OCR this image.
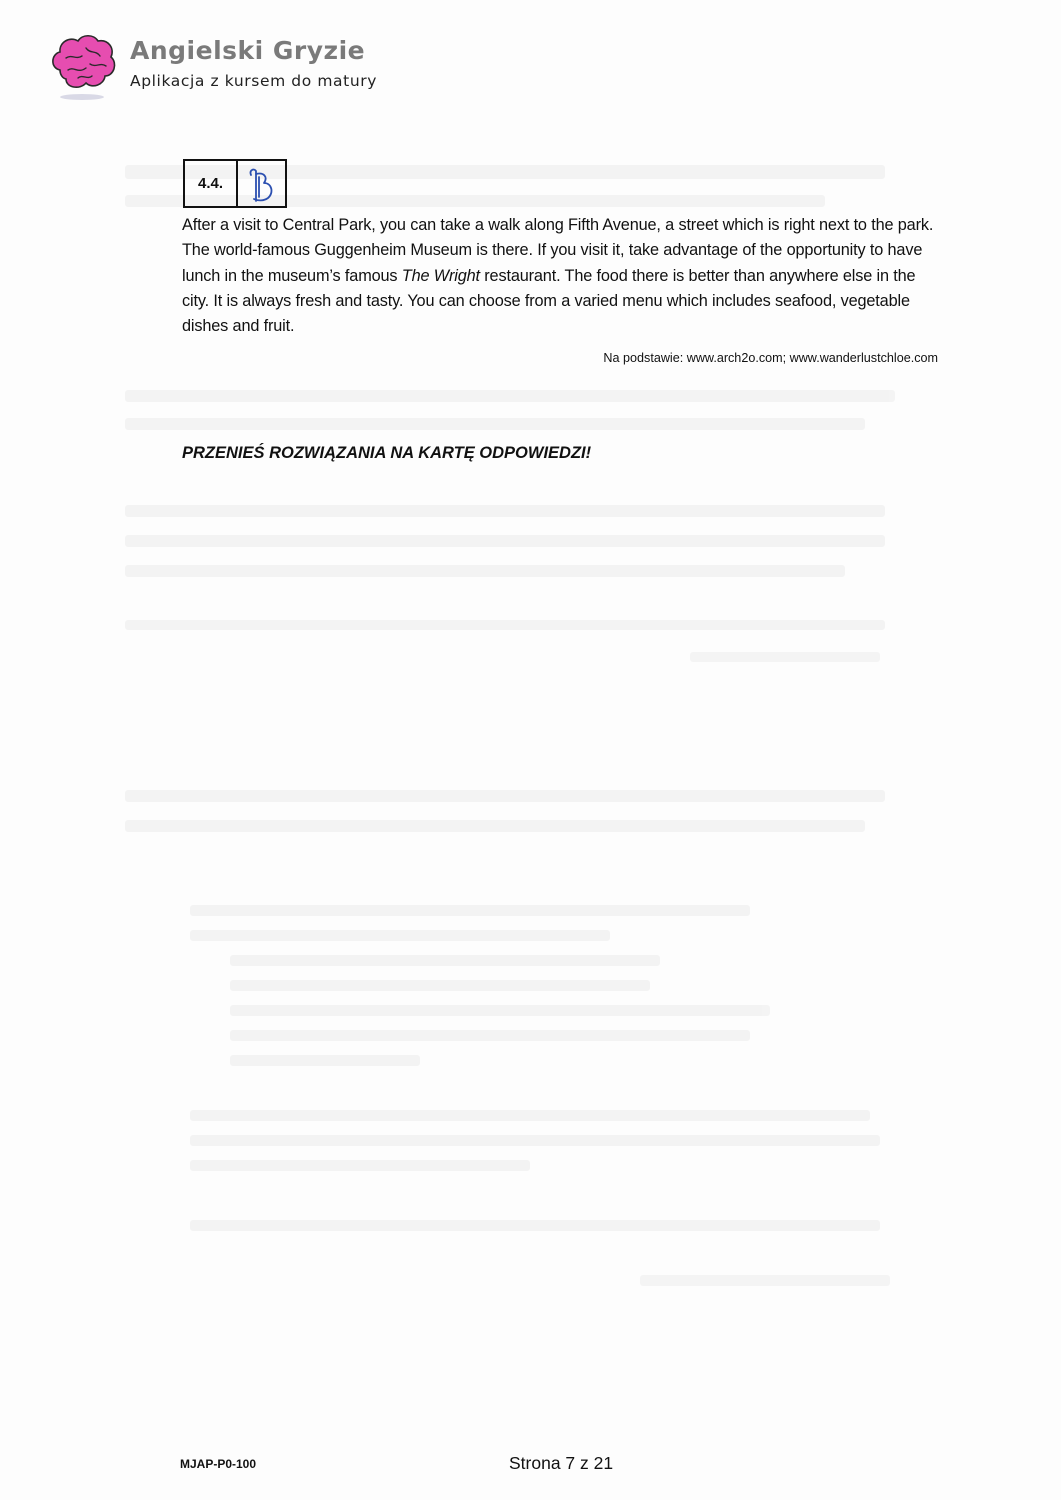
Angielski Gryzie
Aplikacja z kursem do matury
4.4.

After a visit to Central Park, you can take a walk along Fifth Avenue, a street which is right next to the park. The world-famous Guggenheim Museum is there. If you visit it, take advantage of the opportunity to have lunch in the museum’s famous The Wright restaurant. The food there is better than anywhere else in the city. It is always fresh and tasty. You can choose from a varied menu which includes seafood, vegetable dishes and fruit.

Na podstawie: www.arch2o.com; www.wanderlustchloe.com
PRZENIEŚ ROZWIĄZANIA NA KARTĘ ODPOWIEDZI!
MJAP-P0-100	Strona 7 z 21
